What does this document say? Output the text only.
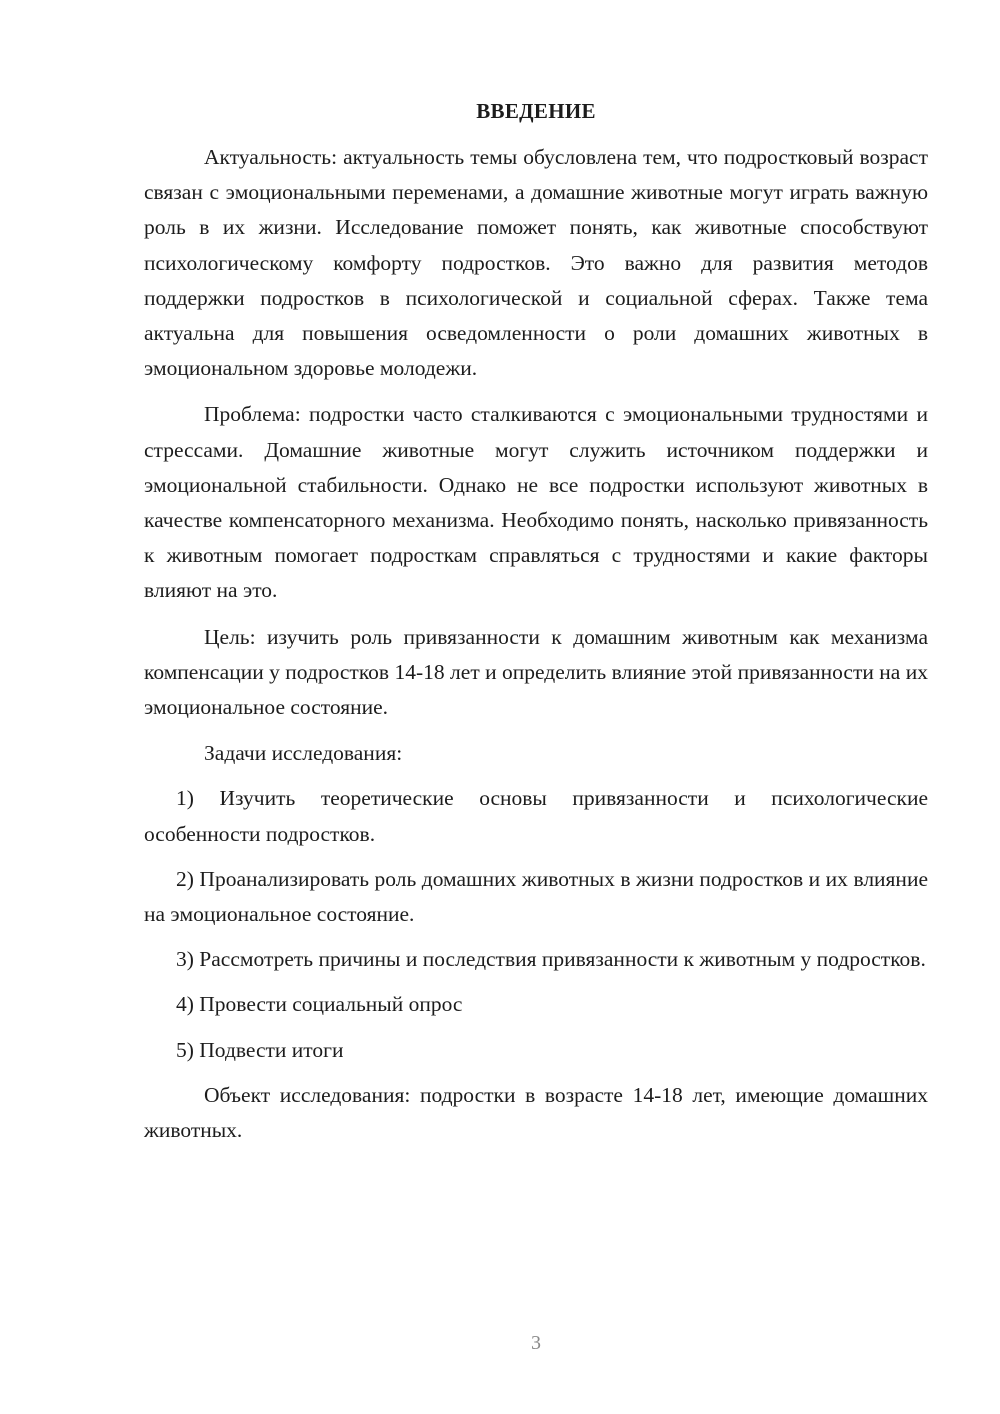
ВВЕДЕНИЕ

Актуальность: актуальность темы обусловлена тем, что подростковый возраст связан с эмоциональными переменами, а домашние животные могут играть важную роль в их жизни. Исследование поможет понять, как животные способствуют психологическому комфорту подростков. Это важно для развития методов поддержки подростков в психологической и социальной сферах. Также тема актуальна для повышения осведомленности о роли домашних животных в эмоциональном здоровье молодежи.

Проблема: подростки часто сталкиваются с эмоциональными трудностями и стрессами. Домашние животные могут служить источником поддержки и эмоциональной стабильности. Однако не все подростки используют животных в качестве компенсаторного механизма. Необходимо понять, насколько привязанность к животным помогает подросткам справляться с трудностями и какие факторы влияют на это.

Цель: изучить роль привязанности к домашним животным как механизма компенсации у подростков 14-18 лет и определить влияние этой привязанности на их эмоциональное состояние.

Задачи исследования:

1) Изучить теоретические основы привязанности и психологические особенности подростков.

2) Проанализировать роль домашних животных в жизни подростков и их влияние на эмоциональное состояние.

3) Рассмотреть причины и последствия привязанности к животным у подростков.

4) Провести социальный опрос

5) Подвести итоги

Объект исследования: подростки в возрасте 14-18 лет, имеющие домашних животных.

3
